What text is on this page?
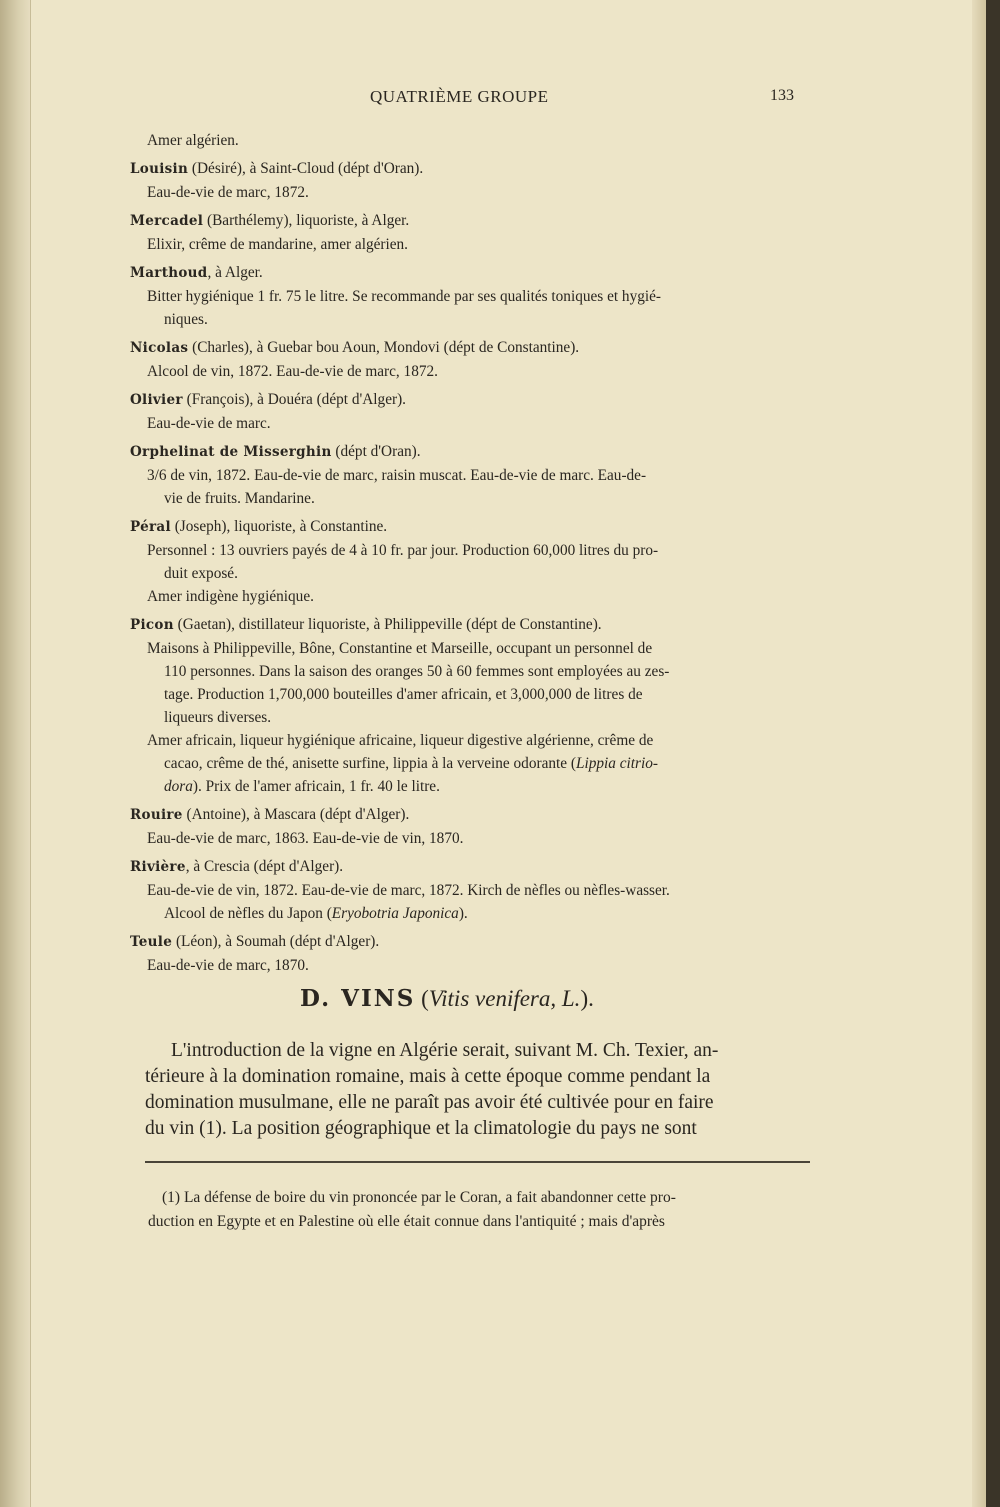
QUATRIÈME GROUPE	133
Amer algérien.
Louisin (Désiré), à Saint-Cloud (dépt d'Oran).
Eau-de-vie de marc, 1872.
Mercadel (Barthélemy), liquoriste, à Alger.
Elixir, crême de mandarine, amer algérien.
Marthoud, à Alger.
Bitter hygiénique 1 fr. 75 le litre. Se recommande par ses qualités toniques et hygié-
niques.
Nicolas (Charles), à Guebar bou Aoun, Mondovi (dépt de Constantine).
Alcool de vin, 1872. Eau-de-vie de marc, 1872.
Olivier (François), à Douéra (dépt d'Alger).
Eau-de-vie de marc.
Orphelinat de Misserghin (dépt d'Oran).
3/6 de vin, 1872. Eau-de-vie de marc, raisin muscat. Eau-de-vie de marc. Eau-de-
vie de fruits. Mandarine.
Péral (Joseph), liquoriste, à Constantine.
Personnel : 13 ouvriers payés de 4 à 10 fr. par jour. Production 60,000 litres du pro-
duit exposé.
Amer indigène hygiénique.
Picon (Gaetan), distillateur liquoriste, à Philippeville (dépt de Constantine).
Maisons à Philippeville, Bône, Constantine et Marseille, occupant un personnel de
110 personnes. Dans la saison des oranges 50 à 60 femmes sont employées au zes-
tage. Production 1,700,000 bouteilles d'amer africain, et 3,000,000 de litres de
liqueurs diverses.
Amer africain, liqueur hygiénique africaine, liqueur digestive algérienne, crême de
cacao, crême de thé, anisette surfine, lippia à la verveine odorante (Lippia citrio-
dora). Prix de l'amer africain, 1 fr. 40 le litre.
Rouire (Antoine), à Mascara (dépt d'Alger).
Eau-de-vie de marc, 1863. Eau-de-vie de vin, 1870.
Rivière, à Crescia (dépt d'Alger).
Eau-de-vie de vin, 1872. Eau-de-vie de marc, 1872. Kirch de nèfles ou nèfles-wasser.
Alcool de nèfles du Japon (Eryobotria Japonica).
Teule (Léon), à Soumah (dépt d'Alger).
Eau-de-vie de marc, 1870.
D. VINS (Vitis venifera, L.).
L'introduction de la vigne en Algérie serait, suivant M. Ch. Texier, an-
térieure à la domination romaine, mais à cette époque comme pendant la
domination musulmane, elle ne paraît pas avoir été cultivée pour en faire
du vin (1). La position géographique et la climatologie du pays ne sont
(1) La défense de boire du vin prononcée par le Coran, a fait abandonner cette pro-
duction en Egypte et en Palestine où elle était connue dans l'antiquité ; mais d'après
